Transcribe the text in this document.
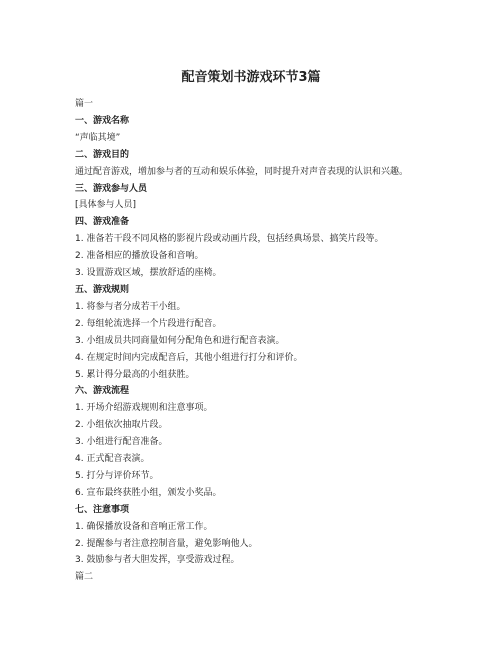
配音策划书游戏环节3篇
篇一
一、游戏名称
“声临其境”
二、游戏目的
通过配音游戏，增加参与者的互动和娱乐体验，同时提升对声音表现的认识和兴趣。
三、游戏参与人员
[具体参与人员]
四、游戏准备
1. 准备若干段不同风格的影视片段或动画片段，包括经典场景、搞笑片段等。
2. 准备相应的播放设备和音响。
3. 设置游戏区域，摆放舒适的座椅。
五、游戏规则
1. 将参与者分成若干小组。
2. 每组轮流选择一个片段进行配音。
3. 小组成员共同商量如何分配角色和进行配音表演。
4. 在规定时间内完成配音后，其他小组进行打分和评价。
5. 累计得分最高的小组获胜。
六、游戏流程
1. 开场介绍游戏规则和注意事项。
2. 小组依次抽取片段。
3. 小组进行配音准备。
4. 正式配音表演。
5. 打分与评价环节。
6. 宣布最终获胜小组，颁发小奖品。
七、注意事项
1. 确保播放设备和音响正常工作。
2. 提醒参与者注意控制音量，避免影响他人。
3. 鼓励参与者大胆发挥，享受游戏过程。
篇二
